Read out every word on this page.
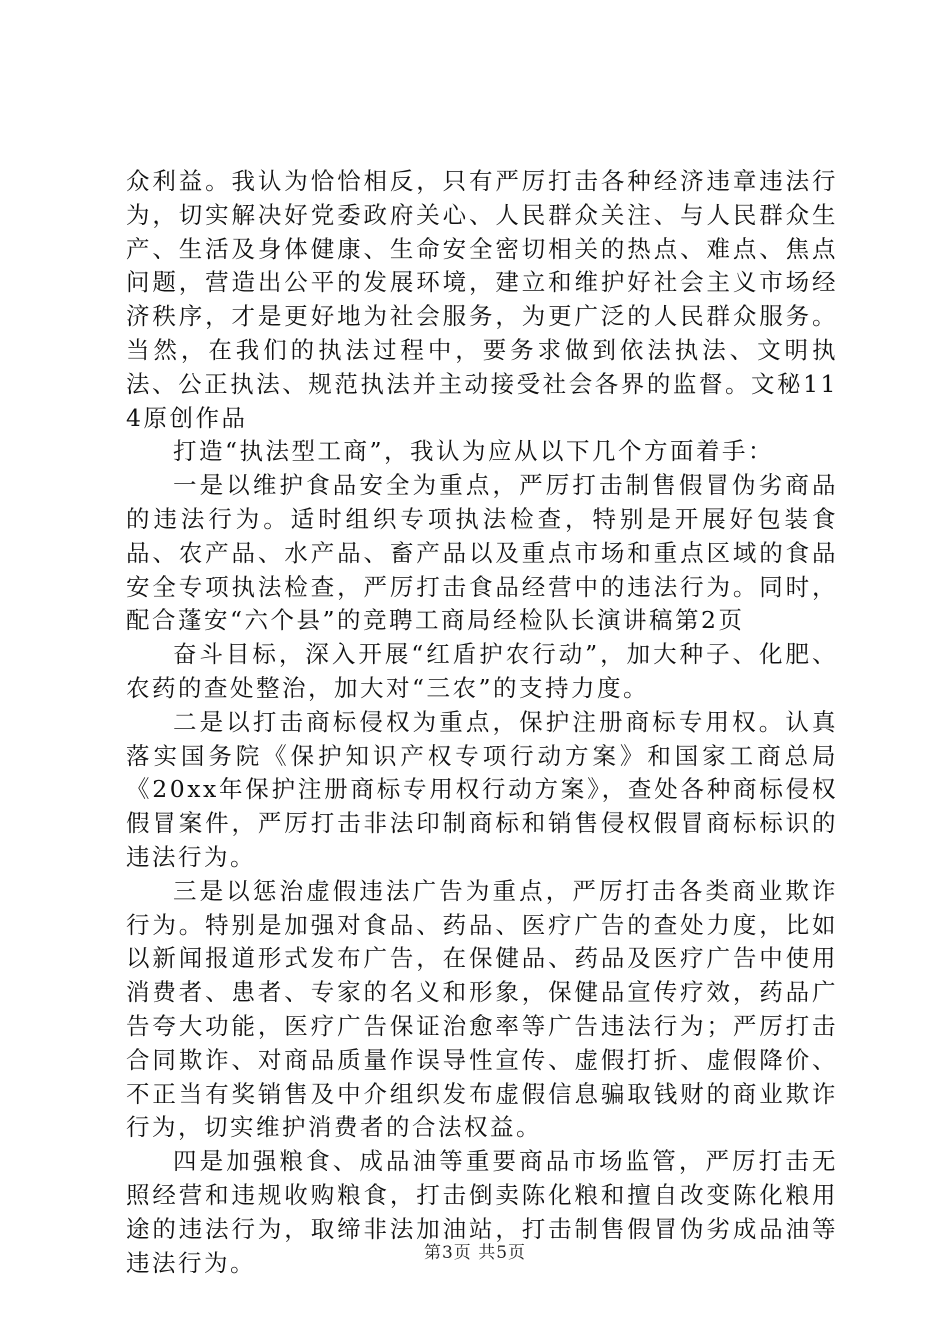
众利益。我认为恰恰相反，只有严厉打击各种经济违章违法行为，切实解决好党委政府关心、人民群众关注、与人民群众生产、生活及身体健康、生命安全密切相关的热点、难点、焦点问题，营造出公平的发展环境，建立和维护好社会主义市场经济秩序，才是更好地为社会服务，为更广泛的人民群众服务。当然，在我们的执法过程中，要务求做到依法执法、文明执法、公正执法、规范执法并主动接受社会各界的监督。文秘114原创作品

打造“执法型工商”，我认为应从以下几个方面着手：

一是以维护食品安全为重点，严厉打击制售假冒伪劣商品的违法行为。适时组织专项执法检查，特别是开展好包装食品、农产品、水产品、畜产品以及重点市场和重点区域的食品安全专项执法检查，严厉打击食品经营中的违法行为。同时，配合蓬安“六个县”的竞聘工商局经检队长演讲稿第2页

奋斗目标，深入开展“红盾护农行动”，加大种子、化肥、农药的查处整治，加大对“三农”的支持力度。

二是以打击商标侵权为重点，保护注册商标专用权。认真落实国务院《保护知识产权专项行动方案》和国家工商总局《20xx年保护注册商标专用权行动方案》，查处各种商标侵权假冒案件，严厉打击非法印制商标和销售侵权假冒商标标识的违法行为。

三是以惩治虚假违法广告为重点，严厉打击各类商业欺诈行为。特别是加强对食品、药品、医疗广告的查处力度，比如以新闻报道形式发布广告，在保健品、药品及医疗广告中使用消费者、患者、专家的名义和形象，保健品宣传疗效，药品广告夸大功能，医疗广告保证治愈率等广告违法行为；严厉打击合同欺诈、对商品质量作误导性宣传、虚假打折、虚假降价、不正当有奖销售及中介组织发布虚假信息骗取钱财的商业欺诈行为，切实维护消费者的合法权益。

四是加强粮食、成品油等重要商品市场监管，严厉打击无照经营和违规收购粮食，打击倒卖陈化粮和擅自改变陈化粮用途的违法行为，取缔非法加油站，打击制售假冒伪劣成品油等违法行为。	第3页 共5页
